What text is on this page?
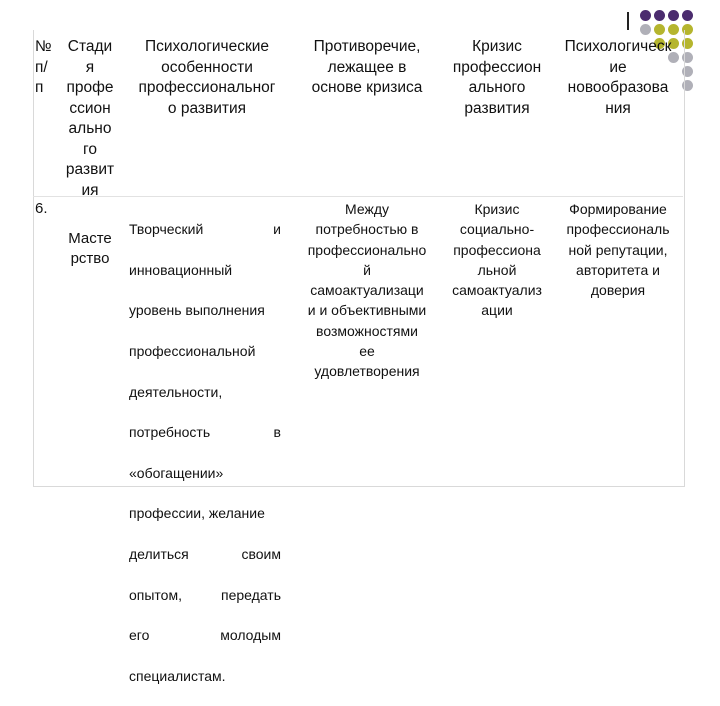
№
п/
п
Стади
я
профе
ссион
ально
го
развит
ия
Психологические
особенности
профессиональног
о развития
Противоречие,
лежащее в
основе кризиса
Кризис
профессион
ального
развития
Психологическ
ие
новообразова
ния
6.
Масте
рство

Творческий и

инновационный

уровень выполнения

профессиональной

деятельности,

потребность в

«обогащении»

профессии, желание

делиться своим

опытом, передать

его молодым

специалистам.

Между
потребностью в
профессионально
й
самоактуализаци
и и объективными
возможностями
ее
удовлетворения
Кризис
социально-
профессиона
льной
самоактуализ
ации
Формирование
профессиональ
ной репутации,
авторитета и
доверия
